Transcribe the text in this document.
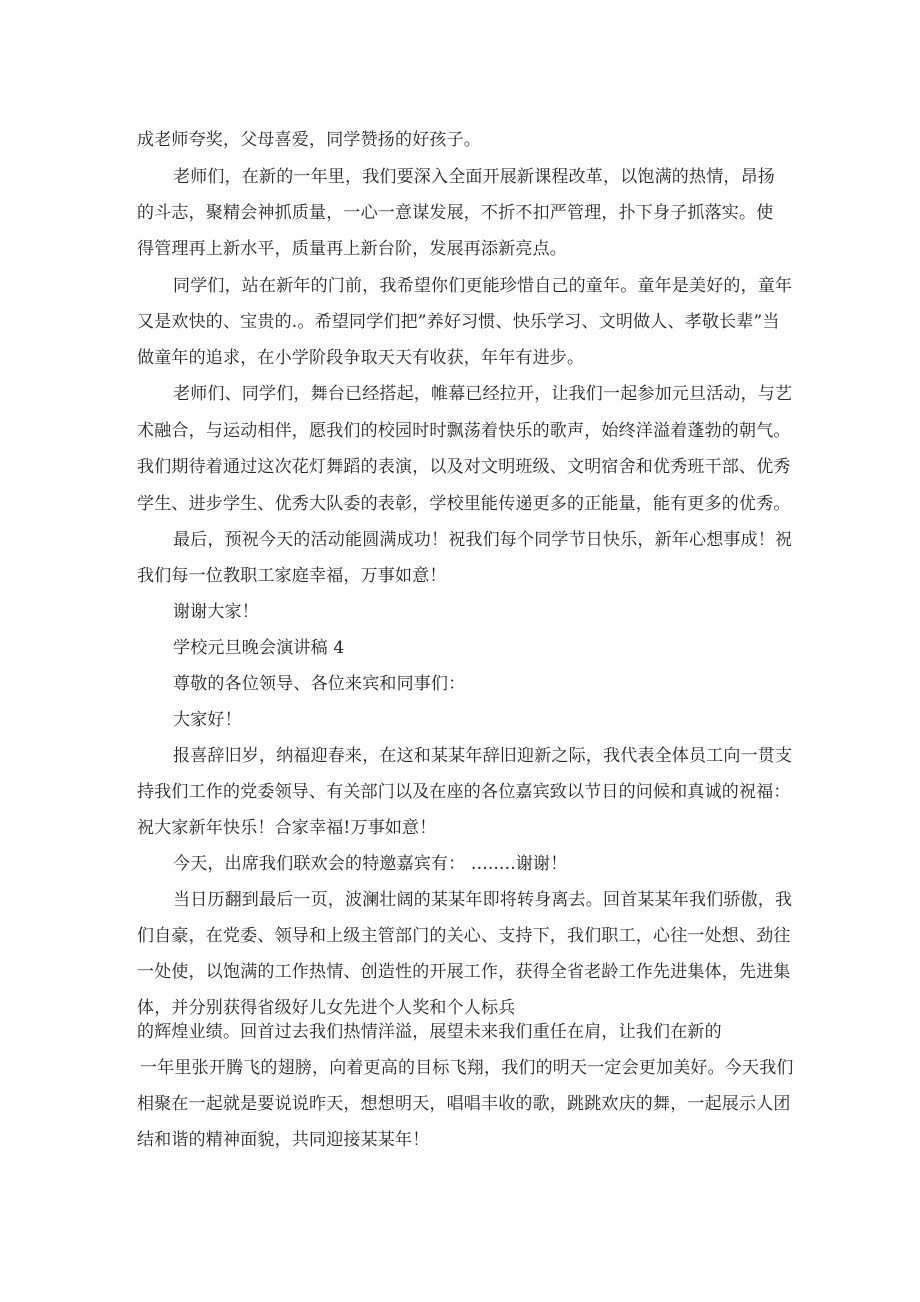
成老师夸奖，父母喜爱，同学赞扬的好孩子。
老师们，在新的一年里，我们要深入全面开展新课程改革，以饱满的热情，昂扬
的斗志，聚精会神抓质量，一心一意谋发展，不折不扣严管理，扑下身子抓落实。使
得管理再上新水平，质量再上新台阶，发展再添新亮点。
同学们，站在新年的门前，我希望你们更能珍惜自己的童年。童年是美好的，童年
又是欢快的、宝贵的.。希望同学们把”养好习惯、快乐学习、文明做人、孝敬长辈”当
做童年的追求，在小学阶段争取天天有收获，年年有进步。
老师们、同学们，舞台已经搭起，帷幕已经拉开，让我们一起参加元旦活动，与艺
术融合，与运动相伴，愿我们的校园时时飘荡着快乐的歌声，始终洋溢着蓬勃的朝气。
我们期待着通过这次花灯舞蹈的表演，以及对文明班级、文明宿舍和优秀班干部、优秀
学生、进步学生、优秀大队委的表彰，学校里能传递更多的正能量，能有更多的优秀。
最后，预祝今天的活动能圆满成功！祝我们每个同学节日快乐，新年心想事成！祝
我们每一位教职工家庭幸福，万事如意！
谢谢大家！
学校元旦晚会演讲稿 4
尊敬的各位领导、各位来宾和同事们：
大家好！
报喜辞旧岁，纳福迎春来，在这和某某年辞旧迎新之际，我代表全体员工向一贯支
持我们工作的党委领导、有关部门以及在座的各位嘉宾致以节日的问候和真诚的祝福：
祝大家新年快乐！合家幸福!万事如意！
今天，出席我们联欢会的特邀嘉宾有： ........谢谢！
当日历翻到最后一页，波澜壮阔的某某年即将转身离去。回首某某年我们骄傲，我
们自豪，在党委、领导和上级主管部门的关心、支持下，我们职工，心往一处想、劲往
一处使，以饱满的工作热情、创造性的开展工作，获得全省老龄工作先进集体，先进集
体，并分别获得省级好儿女先进个人奖和个人标兵
的辉煌业绩。回首过去我们热情洋溢，展望未来我们重任在肩，让我们在新的
一年里张开腾飞的翅膀，向着更高的目标飞翔，我们的明天一定会更加美好。今天我们
相聚在一起就是要说说昨天，想想明天，唱唱丰收的歌，跳跳欢庆的舞，一起展示人团
结和谐的精神面貌，共同迎接某某年！
